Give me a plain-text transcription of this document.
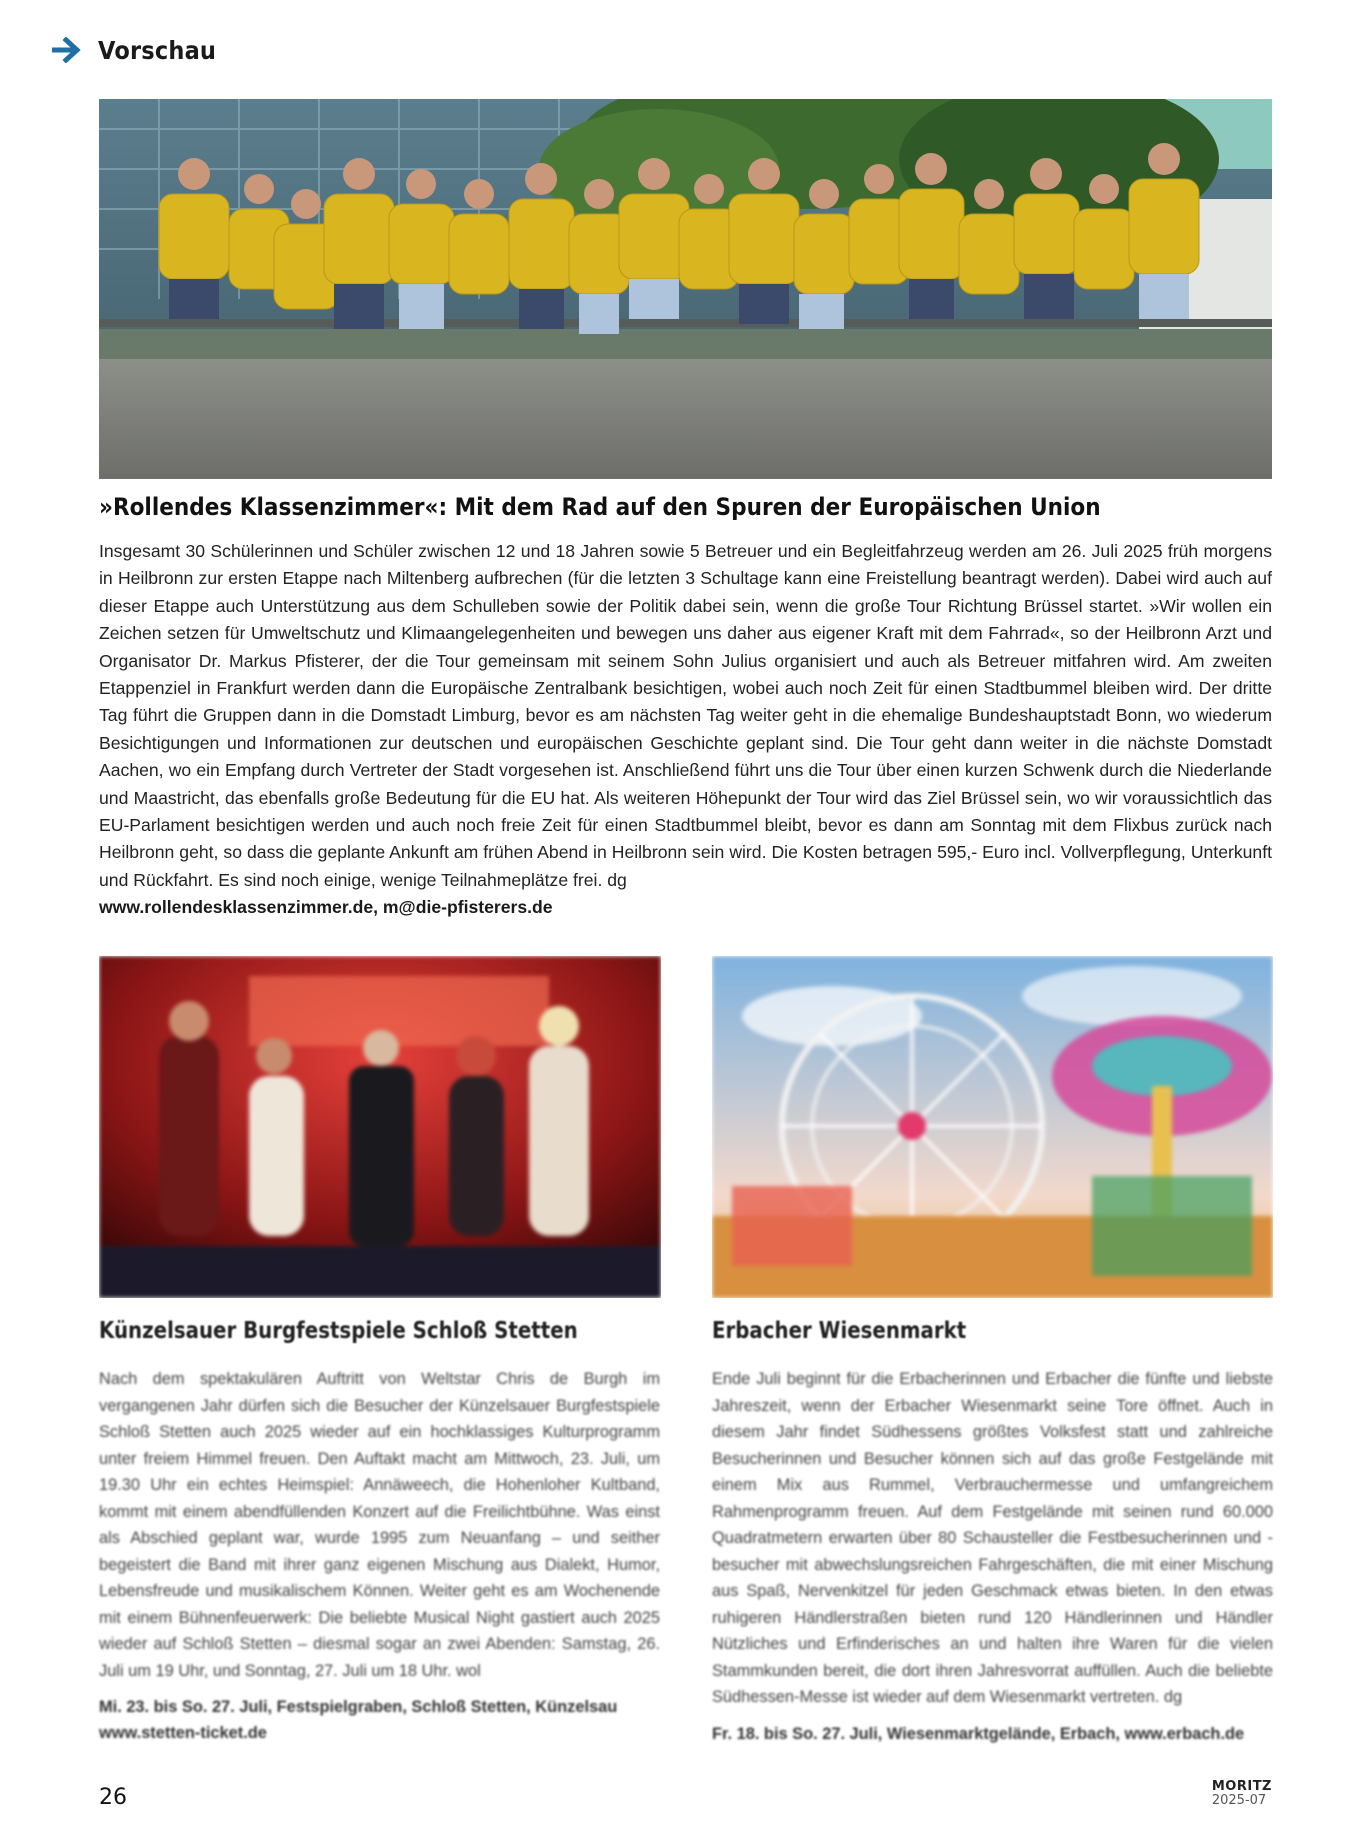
Vorschau
»Rollendes Klassenzimmer«: Mit dem Rad auf den Spuren der Europäischen Union
Insgesamt 30 Schülerinnen und Schüler zwischen 12 und 18 Jahren sowie 5 Betreuer und ein Begleitfahrzeug werden am 26. Juli 2025 früh morgens in Heilbronn zur ersten Etappe nach Miltenberg aufbrechen (für die letzten 3 Schultage kann eine Freistellung beantragt werden). Dabei wird auch auf dieser Etappe auch Unterstützung aus dem Schulleben sowie der Politik dabei sein, wenn die große Tour Richtung Brüssel startet. »Wir wollen ein Zeichen setzen für Umweltschutz und Klimaangelegenheiten und bewegen uns daher aus eigener Kraft mit dem Fahrrad«, so der Heilbronn Arzt und Organisator Dr. Markus Pfisterer, der die Tour gemeinsam mit seinem Sohn Julius organisiert und auch als Betreuer mitfahren wird. Am zweiten Etappenziel in Frankfurt werden dann die Europäische Zentralbank besichtigen, wobei auch noch Zeit für einen Stadtbummel bleiben wird. Der dritte Tag führt die Gruppen dann in die Domstadt Limburg, bevor es am nächsten Tag weiter geht in die ehemalige Bundeshauptstadt Bonn, wo wiederum Besichtigungen und Informationen zur deutschen und europäischen Geschichte geplant sind. Die Tour geht dann weiter in die nächste Domstadt Aachen, wo ein Empfang durch Vertreter der Stadt vorgesehen ist. Anschließend führt uns die Tour über einen kurzen Schwenk durch die Niederlande und Maastricht, das ebenfalls große Bedeutung für die EU hat. Als weiteren Höhepunkt der Tour wird das Ziel Brüssel sein, wo wir voraussichtlich das EU-Parlament besichtigen werden und auch noch freie Zeit für einen Stadtbummel bleibt, bevor es dann am Sonntag mit dem Flixbus zurück nach Heilbronn geht, so dass die geplante Ankunft am frühen Abend in Heilbronn sein wird. Die Kosten betragen 595,- Euro incl. Vollverpflegung, Unterkunft und Rückfahrt. Es sind noch einige, wenige Teilnahmeplätze frei. dg
www.rollendesklassenzimmer.de, m@die-pfisterers.de
Künzelsauer Burgfestspiele Schloß Stetten
Nach dem spektakulären Auftritt von Weltstar Chris de Burgh im vergangenen Jahr dürfen sich die Besucher der Künzelsauer Burgfestspiele Schloß Stetten auch 2025 wieder auf ein hochklassiges Kulturprogramm unter freiem Himmel freuen. Den Auftakt macht am Mittwoch, 23. Juli, um 19.30 Uhr ein echtes Heimspiel: Annäweech, die Hohenloher Kultband, kommt mit einem abendfüllenden Konzert auf die Freilichtbühne. Was einst als Abschied geplant war, wurde 1995 zum Neuanfang – und seither begeistert die Band mit ihrer ganz eigenen Mischung aus Dialekt, Humor, Lebensfreude und musikalischem Können. Weiter geht es am Wochenende mit einem Bühnenfeuerwerk: Die beliebte Musical Night gastiert auch 2025 wieder auf Schloß Stetten – diesmal sogar an zwei Abenden: Samstag, 26. Juli um 19 Uhr, und Sonntag, 27. Juli um 18 Uhr. wol
Mi. 23. bis So. 27. Juli, Festspielgraben, Schloß Stetten, Künzelsau
www.stetten-ticket.de
Erbacher Wiesenmarkt
Ende Juli beginnt für die Erbacherinnen und Erbacher die fünfte und liebste Jahreszeit, wenn der Erbacher Wiesenmarkt seine Tore öffnet. Auch in diesem Jahr findet Südhessens größtes Volksfest statt und zahlreiche Besucherinnen und Besucher können sich auf das große Festgelände mit einem Mix aus Rummel, Verbrauchermesse und umfangreichem Rahmenprogramm freuen. Auf dem Festgelände mit seinen rund 60.000 Quadratmetern erwarten über 80 Schausteller die Festbesucherinnen und -besucher mit abwechslungsreichen Fahrgeschäften, die mit einer Mischung aus Spaß, Nervenkitzel für jeden Geschmack etwas bieten. In den etwas ruhigeren Händlerstraßen bieten rund 120 Händlerinnen und Händler Nützliches und Erfinderisches an und halten ihre Waren für die vielen Stammkunden bereit, die dort ihren Jahresvorrat auffüllen. Auch die beliebte Südhessen-Messe ist wieder auf dem Wiesenmarkt vertreten. dg
Fr. 18. bis So. 27. Juli, Wiesenmarktgelände, Erbach, www.erbach.de
26	MORITZ
2025-07
